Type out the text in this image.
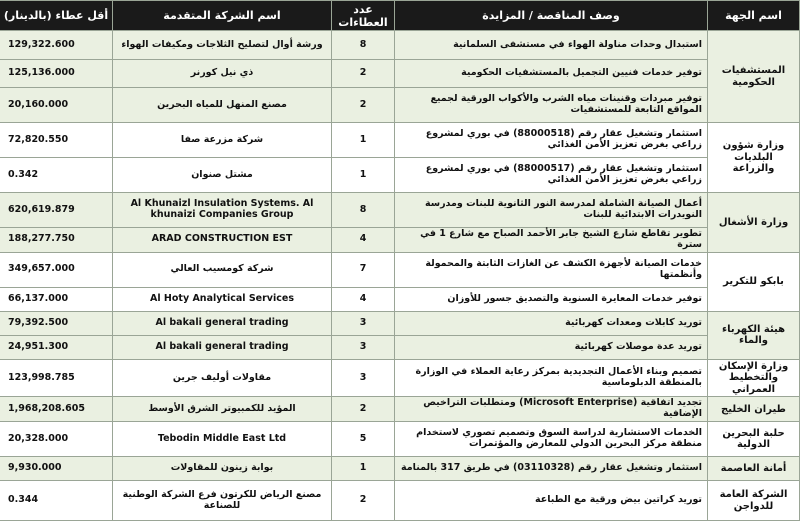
اسم الجهة	وصف المناقصة / المزايدة	عدد العطاءات	اسم الشركة المتقدمة	أقل عطاء (بالدينار)
المستشفيات الحكومية	استبدال وحدات مناولة الهواء في مستشفى السلمانية	8	ورشة أوال لتصليح الثلاجات ومكيفات الهواء	129,322.600
	توفير خدمات فنيين التجميل بالمستشفيات الحكومية	2	ذي نيل كورنر	125,136.000
	توفير مبردات وقنينات مياه الشرب والأكواب الورقية لجميع المواقع التابعة للمستشفيات	2	مصنع المنهل للمياه البحرين	20,160.000
وزارة شؤون البلديات والزراعة	استثمار وتشغيل عقار رقم (88000518) في بوري لمشروع زراعي بغرض تعزيز الأمن الغذائي	1	شركة مزرعة صفا	72,820.550
	استثمار وتشغيل عقار رقم (88000517) في بوري لمشروع زراعي بغرض تعزيز الأمن الغذائي	1	مشتل صنوان	0.342
وزارة الأشغال	أعمال الصيانة الشاملة لمدرسة النور الثانوية للبنات ومدرسة النويدرات الابتدائية للبنات	8	Al Khunaizl Insulation Systems. Al khunaizi Companies Group	620,619.879
	تطوير تقاطع شارع الشيخ جابر الأحمد الصباح مع شارع 1 في سترة	4	ARAD CONSTRUCTION EST	188,277.750
بابكو للتكرير	خدمات الصيانة لأجهزة الكشف عن الغازات الثابتة والمحمولة وأنظمتها	7	شركة كومسيب العالي	349,657.000
	توفير خدمات المعايرة السنوية والتصديق جسور للأوزان	4	Al Hoty Analytical Services	66,137.000
هيئة الكهرباء والماء	توريد كابلات ومعدات كهربائية	3	Al bakali general trading	79,392.500
	توريد عدة موصلات كهربائية	3	Al bakali general trading	24,951.300
وزارة الإسكان والتخطيط العمراني	تصميم وبناء الأعمال التجديدية بمركز رعاية العملاء في الوزارة بالمنطقة الدبلوماسية	3	مقاولات أوليف جرين	123,998.785
طيران الخليج	تجديد اتفاقية (Microsoft Enterprise) ومتطلبات التراخيص الإضافية	2	المؤيد للكمبيوتر الشرق الأوسط	1,968,208.605
حلبة البحرين الدولية	الخدمات الاستشارية لدراسة السوق وتصميم تصوري لاستخدام منطقة مركز البحرين الدولي للمعارض والمؤتمرات	5	Tebodin Middle East Ltd	20,328.000
أمانة العاصمة	استثمار وتشغيل عقار رقم (03110328) في طريق 317 بالمنامة	1	بوابة زينون للمقاولات	9,930.000
الشركة العامة للدواجن	توريد كراتين بيض ورقية مع الطباعة	2	مصنع الرياض للكرتون فرع الشركة الوطنية للصناعة	0.344
